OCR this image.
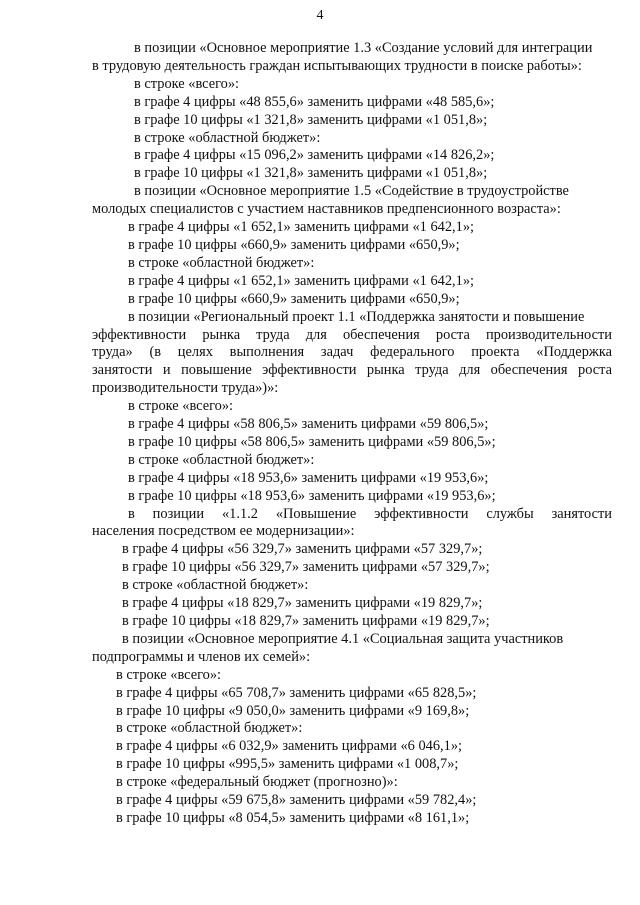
4
в позиции «Основное мероприятие 1.3 «Создание условий для интеграции
в трудовую деятельность граждан испытывающих трудности в поиске работы»:
в строке «всего»:
в графе 4 цифры «48 855,6» заменить цифрами «48 585,6»;
в графе 10 цифры «1 321,8» заменить цифрами «1 051,8»;
в строке «областной бюджет»:
в графе 4 цифры «15 096,2» заменить цифрами «14 826,2»;
в графе 10 цифры «1 321,8» заменить цифрами «1 051,8»;
в позиции «Основное мероприятие 1.5 «Содействие в трудоустройстве
молодых специалистов с участием наставников предпенсионного возраста»:
в графе 4 цифры «1 652,1» заменить цифрами «1 642,1»;
в графе 10 цифры «660,9» заменить цифрами «650,9»;
в строке «областной бюджет»:
в графе 4 цифры «1 652,1» заменить цифрами «1 642,1»;
в графе 10 цифры «660,9» заменить цифрами «650,9»;
в позиции «Региональный проект 1.1 «Поддержка занятости и повышение
эффективности рынка труда для обеспечения роста производительности
труда» (в целях выполнения задач федерального проекта «Поддержка
занятости и повышение эффективности рынка труда для обеспечения роста
производительности труда»)»:
в строке «всего»:
в графе 4 цифры «58 806,5» заменить цифрами «59 806,5»;
в графе 10 цифры «58 806,5» заменить цифрами «59 806,5»;
в строке «областной бюджет»:
в графе 4 цифры «18 953,6» заменить цифрами «19 953,6»;
в графе 10 цифры «18 953,6» заменить цифрами «19 953,6»;
в позиции «1.1.2 «Повышение эффективности службы занятости
населения посредством ее модернизации»:
в графе 4 цифры «56 329,7» заменить цифрами «57 329,7»;
в графе 10 цифры «56 329,7» заменить цифрами «57 329,7»;
в строке «областной бюджет»:
в графе 4 цифры «18 829,7» заменить цифрами «19 829,7»;
в графе 10 цифры «18 829,7» заменить цифрами «19 829,7»;
в позиции «Основное мероприятие 4.1 «Социальная защита участников
подпрограммы и членов их семей»:
в строке «всего»:
в графе 4 цифры «65 708,7» заменить цифрами «65 828,5»;
в графе 10 цифры «9 050,0» заменить цифрами «9 169,8»;
в строке «областной бюджет»:
в графе 4 цифры «6 032,9» заменить цифрами «6 046,1»;
в графе 10 цифры «995,5» заменить цифрами «1 008,7»;
в строке «федеральный бюджет (прогнозно)»:
в графе 4 цифры «59 675,8» заменить цифрами «59 782,4»;
в графе 10 цифры «8 054,5» заменить цифрами «8 161,1»;
